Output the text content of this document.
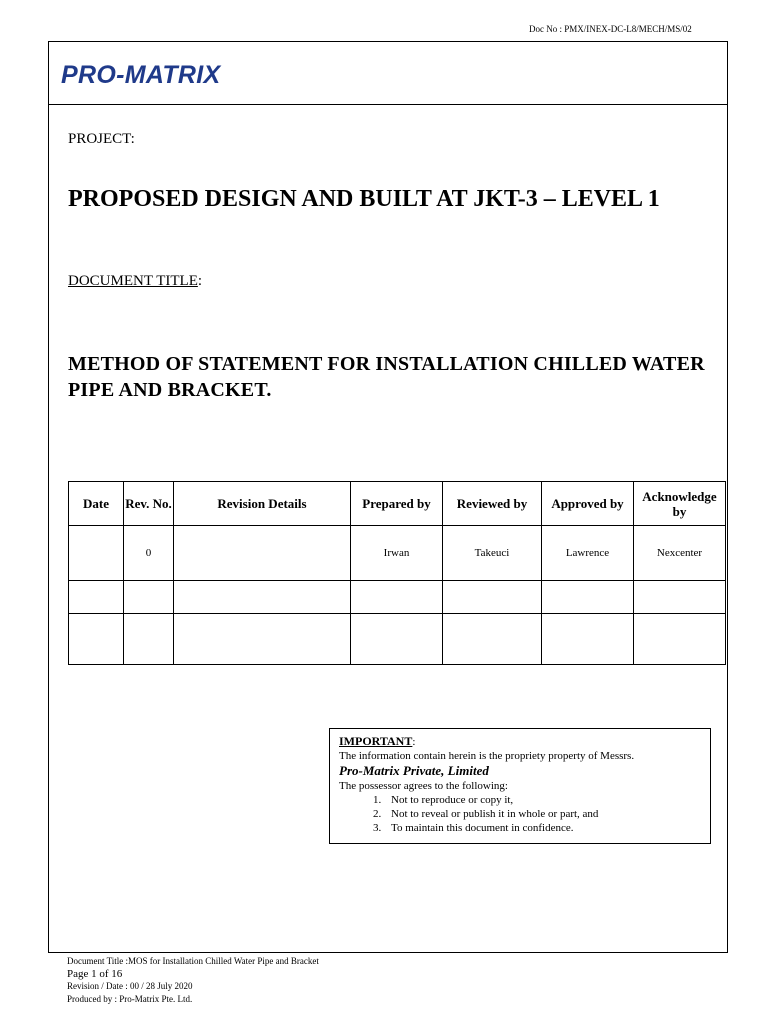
Doc No : PMX/INEX-DC-L8/MECH/MS/02
PRO-MATRIX
PROJECT:
PROPOSED DESIGN AND BUILT AT JKT-3 – LEVEL 1
DOCUMENT TITLE:
METHOD OF STATEMENT FOR INSTALLATION CHILLED WATER PIPE AND BRACKET.
Date	Rev. No.	Revision Details	Prepared by	Reviewed by	Approved by	Acknowledge by
	0		Irwan	Takeuci	Lawrence	Nexcenter

IMPORTANT:
The information contain herein is the propriety property of Messrs.
Pro-Matrix Private, Limited
The possessor agrees to the following:
1. Not to reproduce or copy it,
2. Not to reveal or publish it in whole or part, and
3. To maintain this document in confidence.
Document Title :MOS for Installation Chilled Water Pipe and Bracket
Page 1 of 16
Revision / Date : 00 / 28 July 2020
Produced by : Pro-Matrix Pte. Ltd.
